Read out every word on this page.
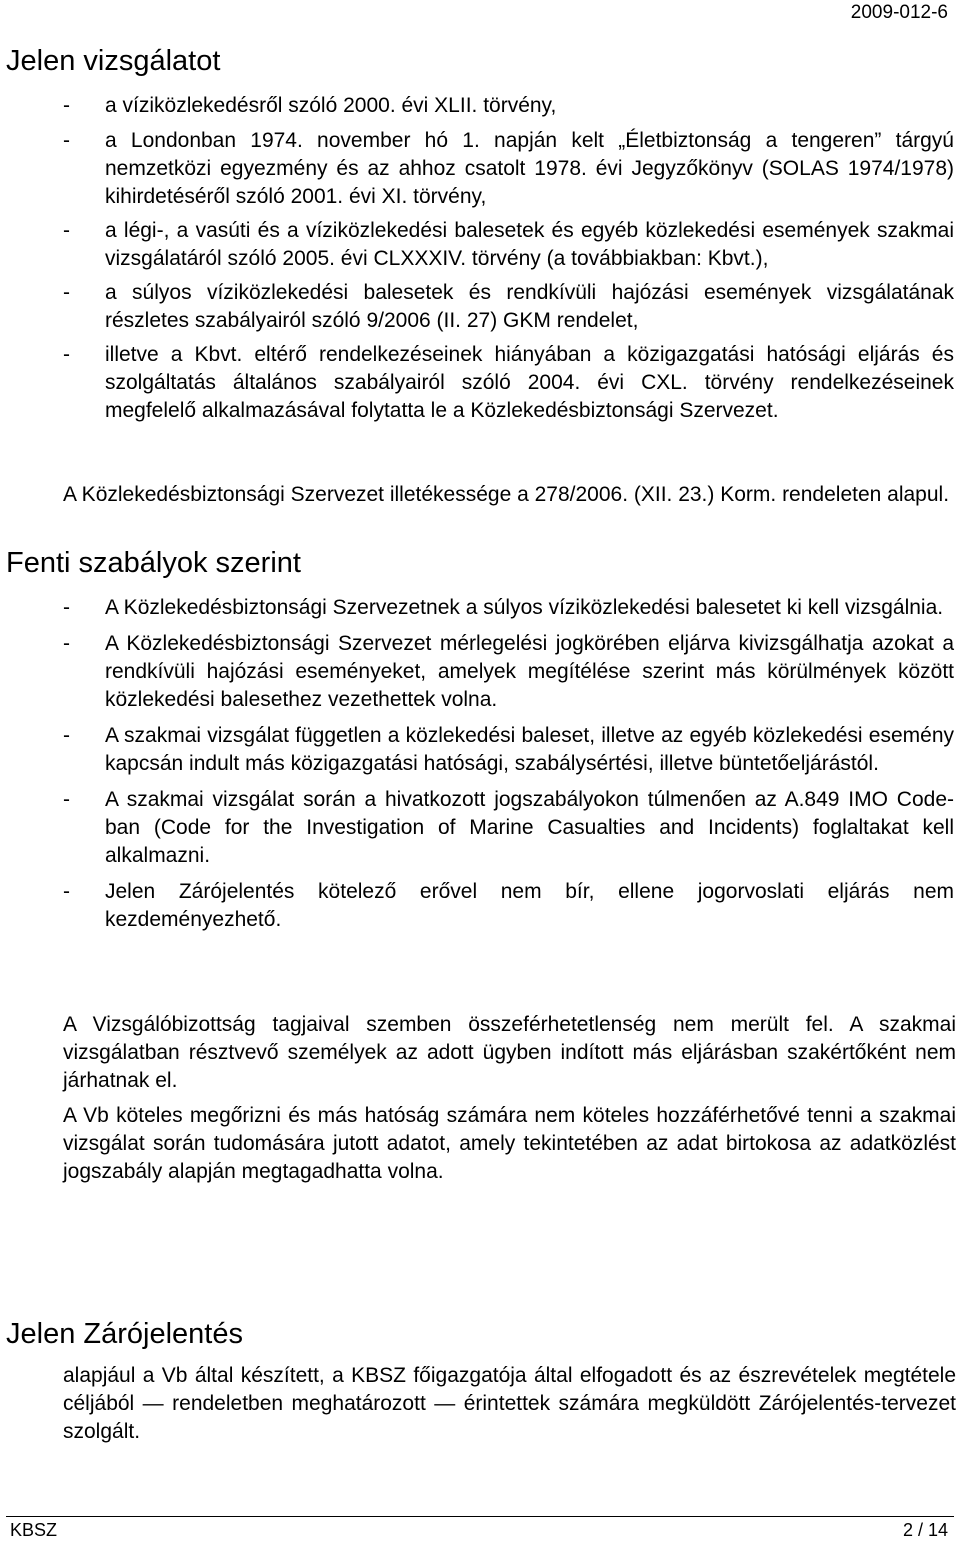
2009-012-6
Jelen vizsgálatot
- a víziközlekedésről szóló 2000. évi XLII. törvény,
- a Londonban 1974. november hó 1. napján kelt „Életbiztonság a tengeren” tárgyú nemzetközi egyezmény és az ahhoz csatolt 1978. évi Jegyzőkönyv (SOLAS 1974/1978) kihirdetéséről szóló 2001. évi XI. törvény,
- a légi-, a vasúti és a víziközlekedési balesetek és egyéb közlekedési események szakmai vizsgálatáról szóló 2005. évi CLXXXIV. törvény (a továbbiakban: Kbvt.),
- a súlyos víziközlekedési balesetek és rendkívüli hajózási események vizsgálatának részletes szabályairól szóló 9/2006 (II. 27) GKM rendelet,
- illetve a Kbvt. eltérő rendelkezéseinek hiányában a közigazgatási hatósági eljárás és szolgáltatás általános szabályairól szóló 2004. évi CXL. törvény rendelkezéseinek megfelelő alkalmazásával folytatta le a Közlekedésbiztonsági Szervezet.

A Közlekedésbiztonsági Szervezet illetékessége a 278/2006. (XII. 23.) Korm. rendeleten alapul.

Fenti szabályok szerint
- A Közlekedésbiztonsági Szervezetnek a súlyos víziközlekedési balesetet ki kell vizsgálnia.
- A Közlekedésbiztonsági Szervezet mérlegelési jogkörében eljárva kivizsgálhatja azokat a rendkívüli hajózási eseményeket, amelyek megítélése szerint más körülmények között közlekedési balesethez vezethettek volna.
- A szakmai vizsgálat független a közlekedési baleset, illetve az egyéb közlekedési esemény kapcsán indult más közigazgatási hatósági, szabálysértési, illetve büntetőeljárástól.
- A szakmai vizsgálat során a hivatkozott jogszabályokon túlmenően az A.849 IMO Code-ban (Code for the Investigation of Marine Casualties and Incidents) foglaltakat kell alkalmazni.
- Jelen Zárójelentés kötelező erővel nem bír, ellene jogorvoslati eljárás nem kezdeményezhető.

A Vizsgálóbizottság tagjaival szemben összeférhetetlenség nem merült fel. A szakmai vizsgálatban résztvevő személyek az adott ügyben indított más eljárásban szakértőként nem járhatnak el.

A Vb köteles megőrizni és más hatóság számára nem köteles hozzáférhetővé tenni a szakmai vizsgálat során tudomására jutott adatot, amely tekintetében az adat birtokosa az adatközlést jogszabály alapján megtagadhatta volna.

Jelen Zárójelentés

alapjául a Vb által készített, a KBSZ főigazgatója által elfogadott és az észrevételek megtétele céljából — rendeletben meghatározott — érintettek számára megküldött Zárójelentés-tervezet szolgált.

KBSZ	2 / 14
